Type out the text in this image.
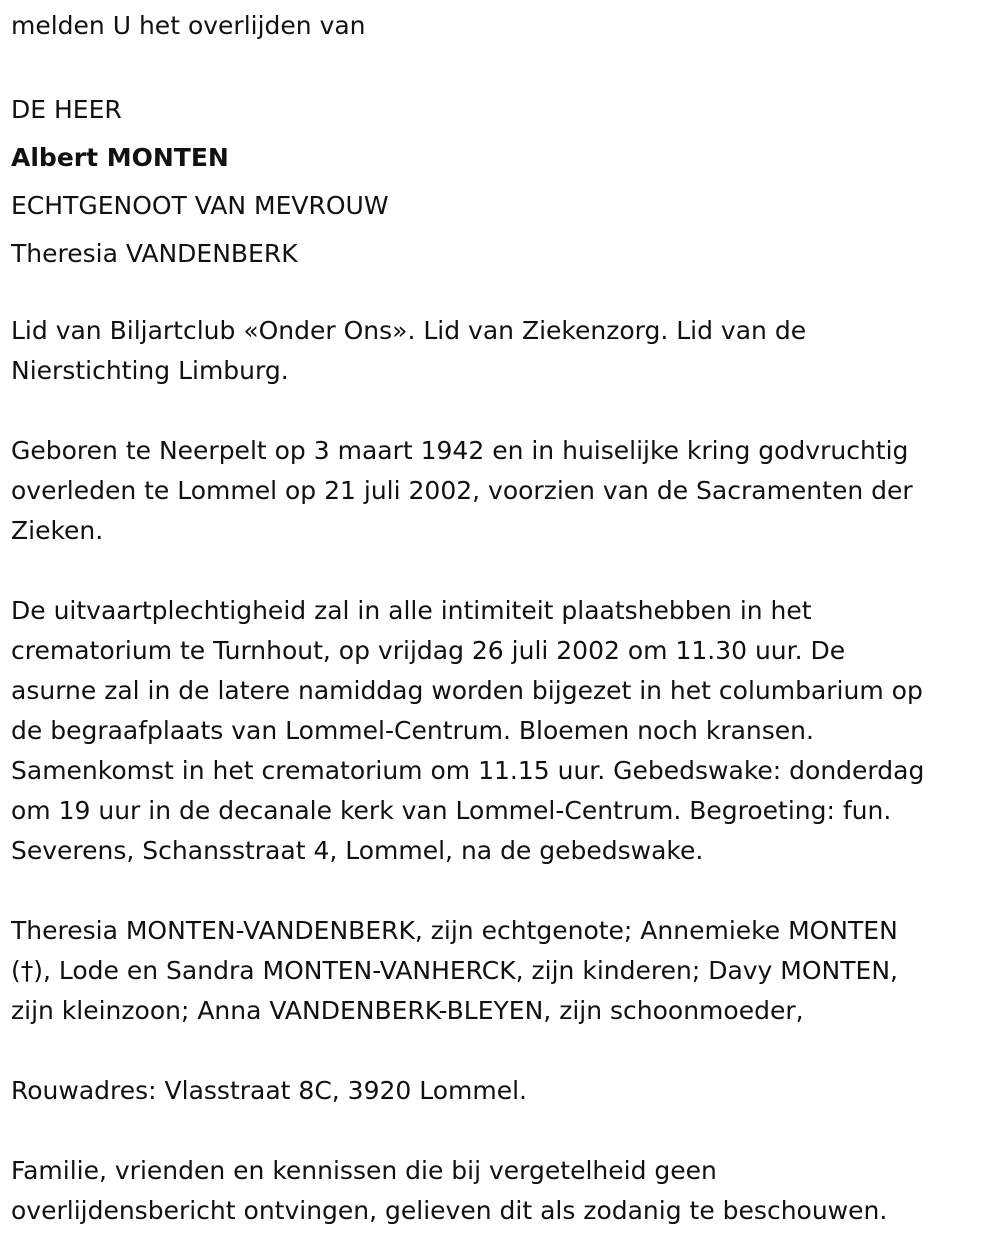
melden U het overlijden van

DE HEER

Albert MONTEN

ECHTGENOOT VAN MEVROUW

Theresia VANDENBERK

Lid van Biljartclub «Onder Ons». Lid van Ziekenzorg. Lid van de

Nierstichting Limburg.

Geboren te Neerpelt op 3 maart 1942 en in huiselijke kring godvruchtig

overleden te Lommel op 21 juli 2002, voorzien van de Sacramenten der

Zieken.

De uitvaartplechtigheid zal in alle intimiteit plaatshebben in het

crematorium te Turnhout, op vrijdag 26 juli 2002 om 11.30 uur. De

asurne zal in de latere namiddag worden bijgezet in het columbarium op

de begraafplaats van Lommel-Centrum. Bloemen noch kransen.

Samenkomst in het crematorium om 11.15 uur. Gebedswake: donderdag

om 19 uur in de decanale kerk van Lommel-Centrum. Begroeting: fun.

Severens, Schansstraat 4, Lommel, na de gebedswake.

Theresia MONTEN-VANDENBERK, zijn echtgenote; Annemieke MONTEN

(†), Lode en Sandra MONTEN-VANHERCK, zijn kinderen; Davy MONTEN,

zijn kleinzoon; Anna VANDENBERK-BLEYEN, zijn schoonmoeder,

Rouwadres: Vlasstraat 8C, 3920 Lommel.

Familie, vrienden en kennissen die bij vergetelheid geen

overlijdensbericht ontvingen, gelieven dit als zodanig te beschouwen.
